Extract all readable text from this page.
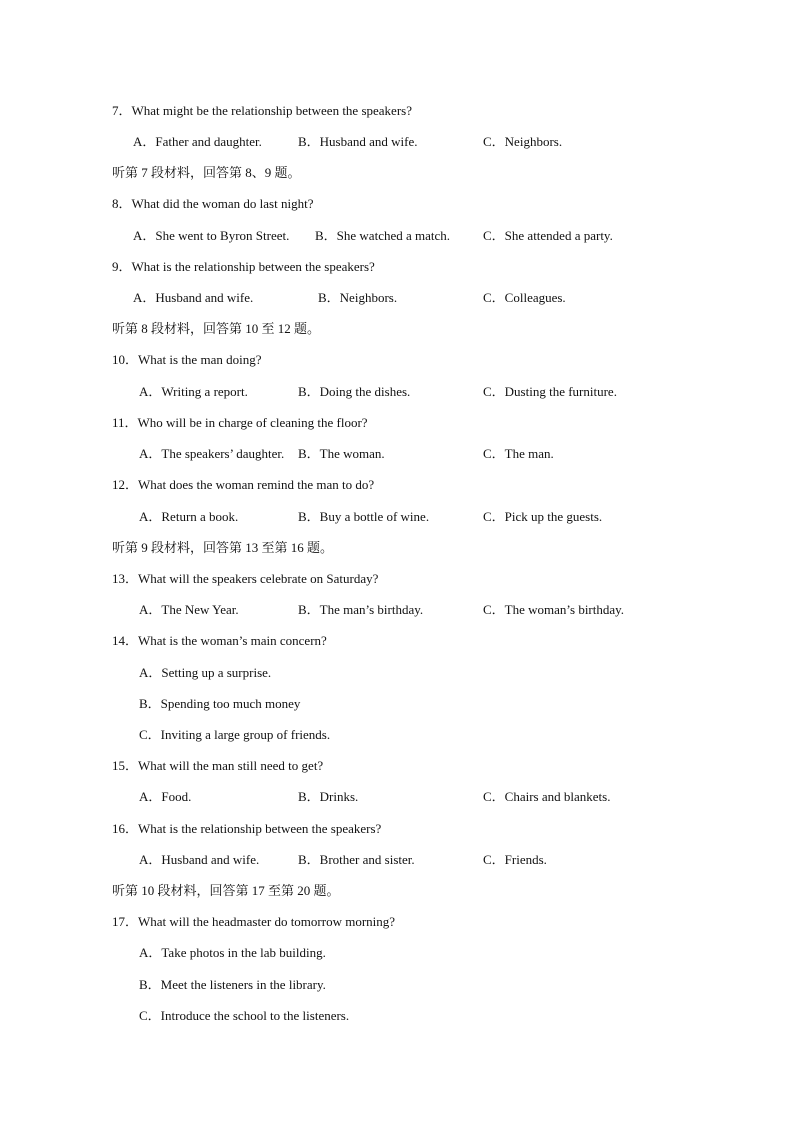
7．What might be the relationship between the speakers?
A．Father and daughter.	B．Husband and wife.	C．Neighbors.
听第 7 段材料，回答第 8、9 题。
8．What did the woman do last night?
A．She went to Byron Street. B．She watched a match.	C．She attended a party.
9．What is the relationship between the speakers?
A．Husband and wife.	B．Neighbors.	C．Colleagues.
听第 8 段材料，回答第 10 至 12 题。
10．What is the man doing?
A．Writing a report.	B．Doing the dishes.	C．Dusting the furniture.
11．Who will be in charge of cleaning the floor?
A．The speakers’ daughter. B．The woman.	C．The man.
12．What does the woman remind the man to do?
A．Return a book.	B．Buy a bottle of wine.	C．Pick up the guests.
听第 9 段材料，回答第 13 至第 16 题。
13．What will the speakers celebrate on Saturday?
A．The New Year.	B．The man’s birthday.	C．The woman’s birthday.
14．What is the woman’s main concern?
A．Setting up a surprise.
B．Spending too much money
C．Inviting a large group of friends.
15．What will the man still need to get?
A．Food.	B．Drinks.	C．Chairs and blankets.
16．What is the relationship between the speakers?
A．Husband and wife.	B．Brother and sister.	C．Friends.
听第 10 段材料，回答第 17 至第 20 题。
17．What will the headmaster do tomorrow morning?
A．Take photos in the lab building.
B．Meet the listeners in the library.
C．Introduce the school to the listeners.
